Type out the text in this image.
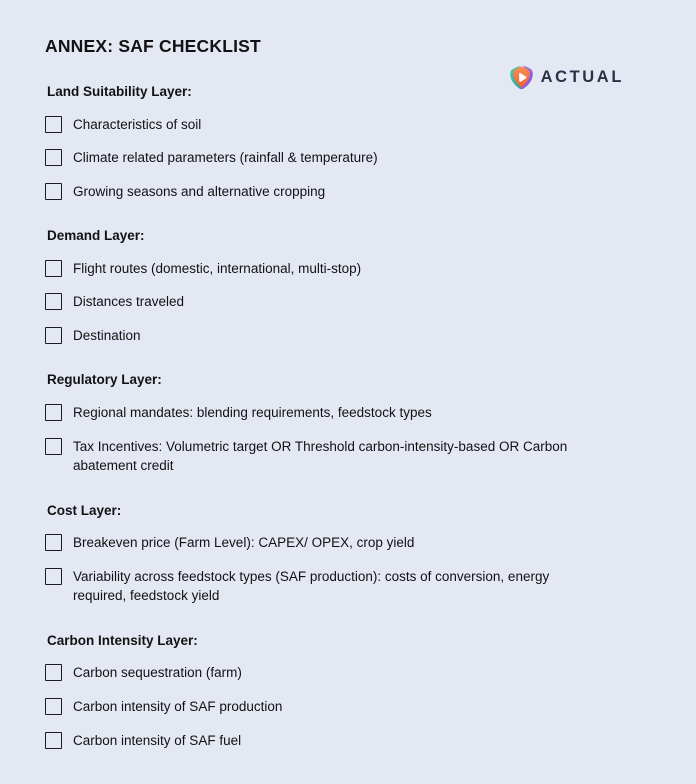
ANNEX: SAF CHECKLIST
ACTUAL
Land Suitability Layer:
Characteristics of soil
Climate related parameters (rainfall & temperature)
Growing seasons and alternative cropping
Demand Layer:
Flight routes (domestic, international, multi-stop)
Distances traveled
Destination
Regulatory Layer:
Regional mandates: blending requirements, feedstock types
Tax Incentives: Volumetric target OR Threshold carbon-intensity-based OR Carbon abatement credit
Cost Layer:
Breakeven price (Farm Level): CAPEX/ OPEX, crop yield
Variability across feedstock types (SAF production): costs of conversion, energy required, feedstock yield
Carbon Intensity Layer:
Carbon sequestration (farm)
Carbon intensity of SAF production
Carbon intensity of SAF fuel
